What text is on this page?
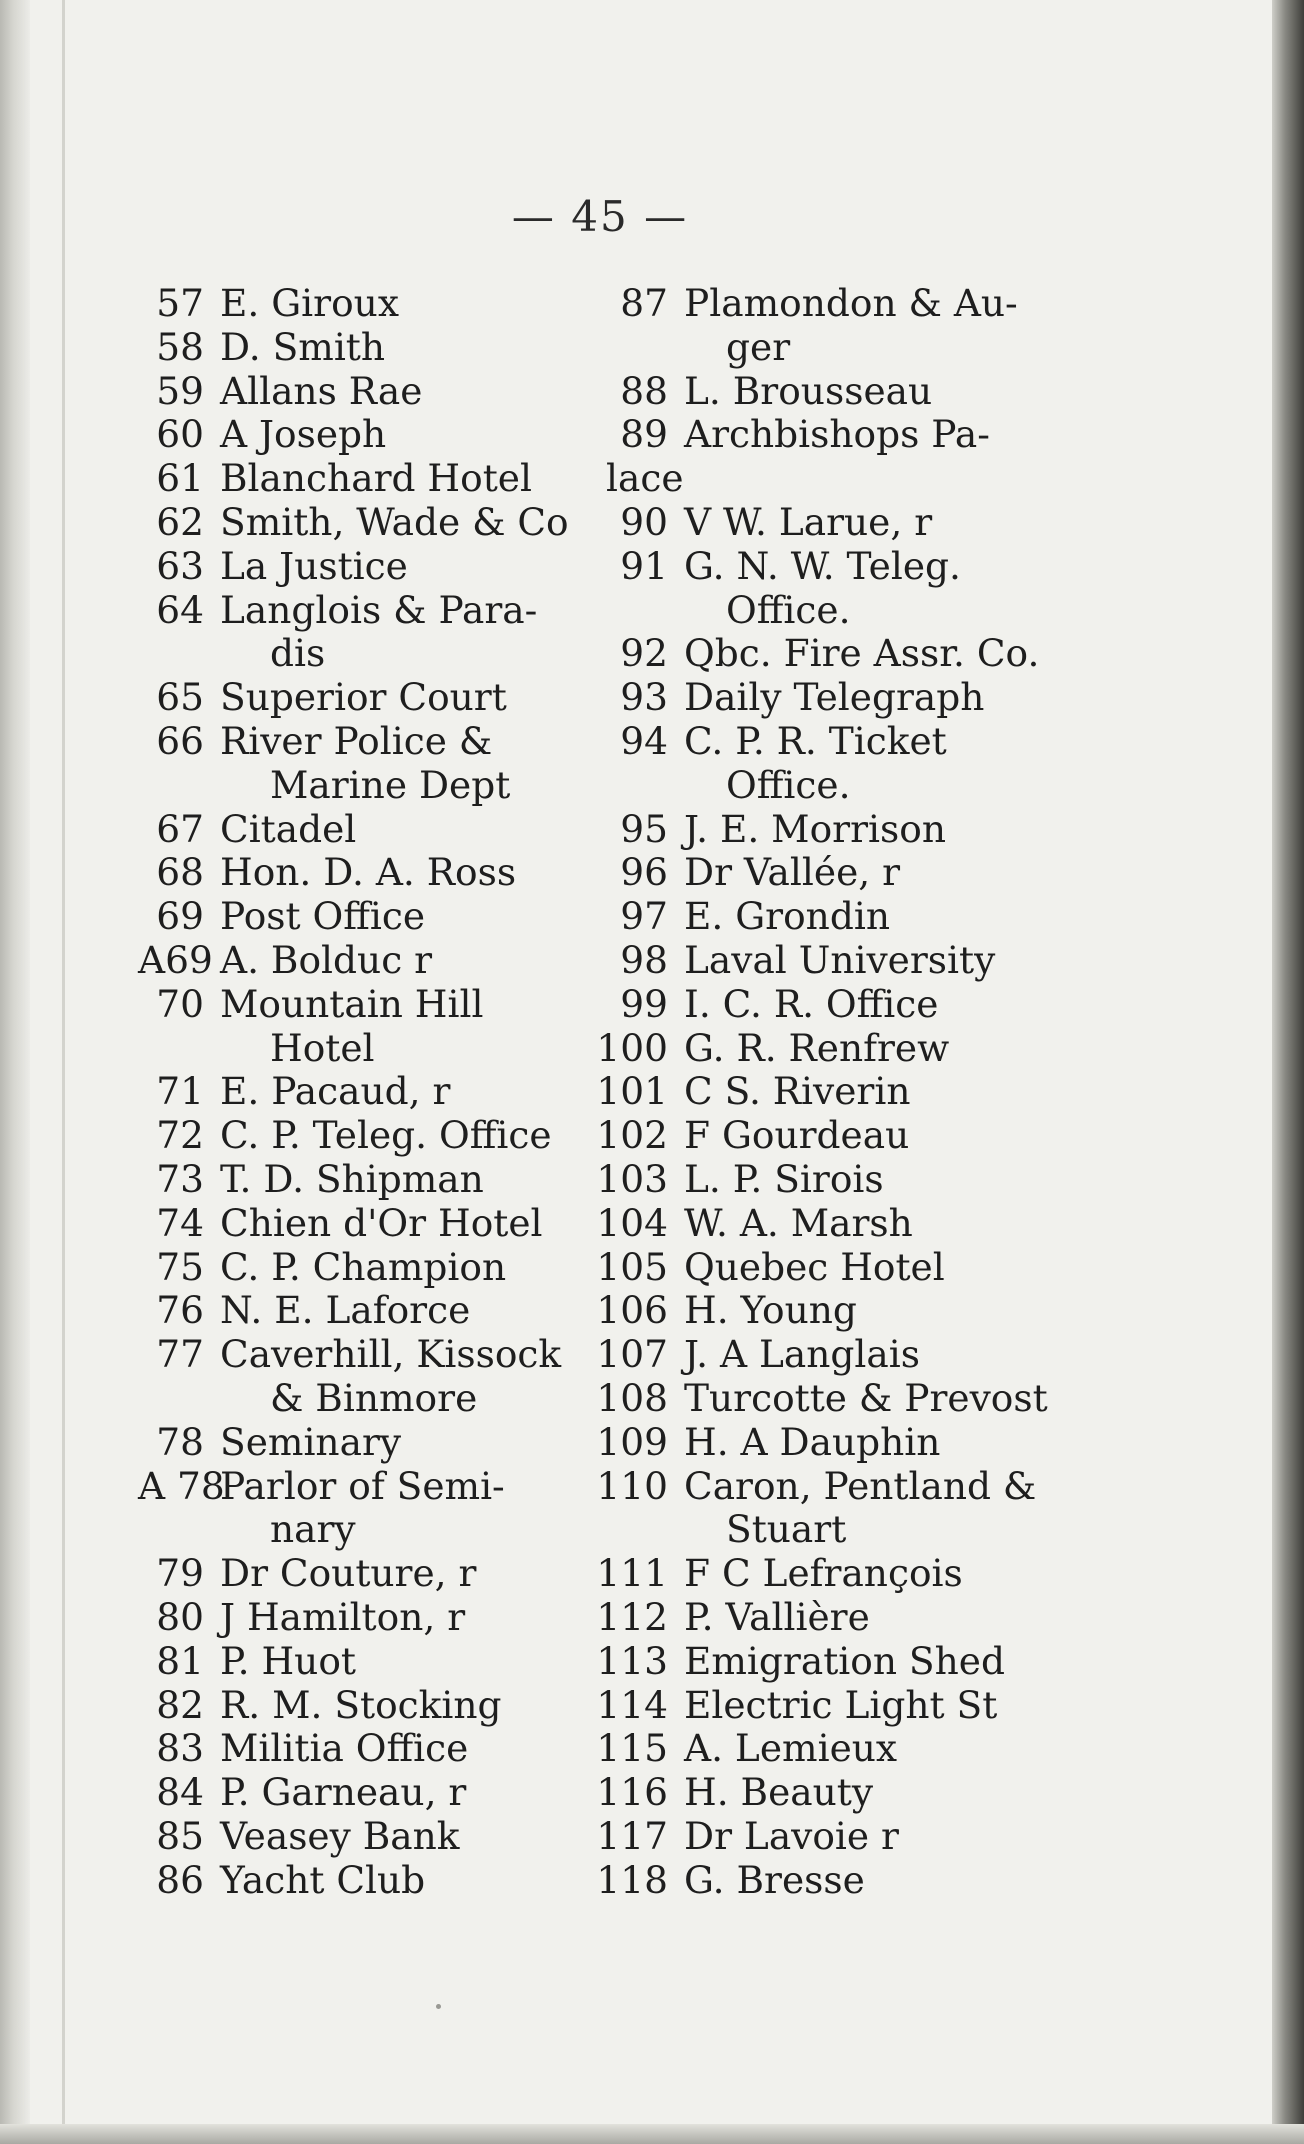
— 45 —
57 E. Giroux
58 D. Smith
59 Allans Rae
60 A Joseph
61 Blanchard Hotel
62 Smith, Wade & Co
63 La Justice
64 Langlois & Para-
dis
65 Superior Court
66 River Police &
Marine Dept
67 Citadel
68 Hon. D. A. Ross
69 Post Office
A69 A. Bolduc r
70 Mountain Hill
Hotel
71 E. Pacaud, r
72 C. P. Teleg. Office
73 T. D. Shipman
74 Chien d'Or Hotel
75 C. P. Champion
76 N. E. Laforce
77 Caverhill, Kissock
& Binmore
78 Seminary
A 78Parlor of Semi-
nary
79 Dr Couture, r
80 J Hamilton, r
81 P. Huot
82 R. M. Stocking
83 Militia Office
84 P. Garneau, r
85 Veasey Bank
86 Yacht Club
87 Plamondon & Au-
ger
88 L. Brousseau
89 Archbishops Pa-
lace
90 V W. Larue, r
91 G. N. W. Teleg.
Office.
92 Qbc. Fire Assr. Co.
93 Daily Telegraph
94 C. P. R. Ticket
Office.
95 J. E. Morrison
96 Dr Vallée, r
97 E. Grondin
98 Laval University
99 I. C. R. Office
100 G. R. Renfrew
101 C S. Riverin
102 F Gourdeau
103 L. P. Sirois
104 W. A. Marsh
105 Quebec Hotel
106 H. Young
107 J. A Langlais
108 Turcotte & Prevost
109 H. A Dauphin
110 Caron, Pentland &
Stuart
111 F C Lefrançois
112 P. Vallière
113 Emigration Shed
114 Electric Light St
115 A. Lemieux
116 H. Beauty
117 Dr Lavoie r
118 G. Bresse
